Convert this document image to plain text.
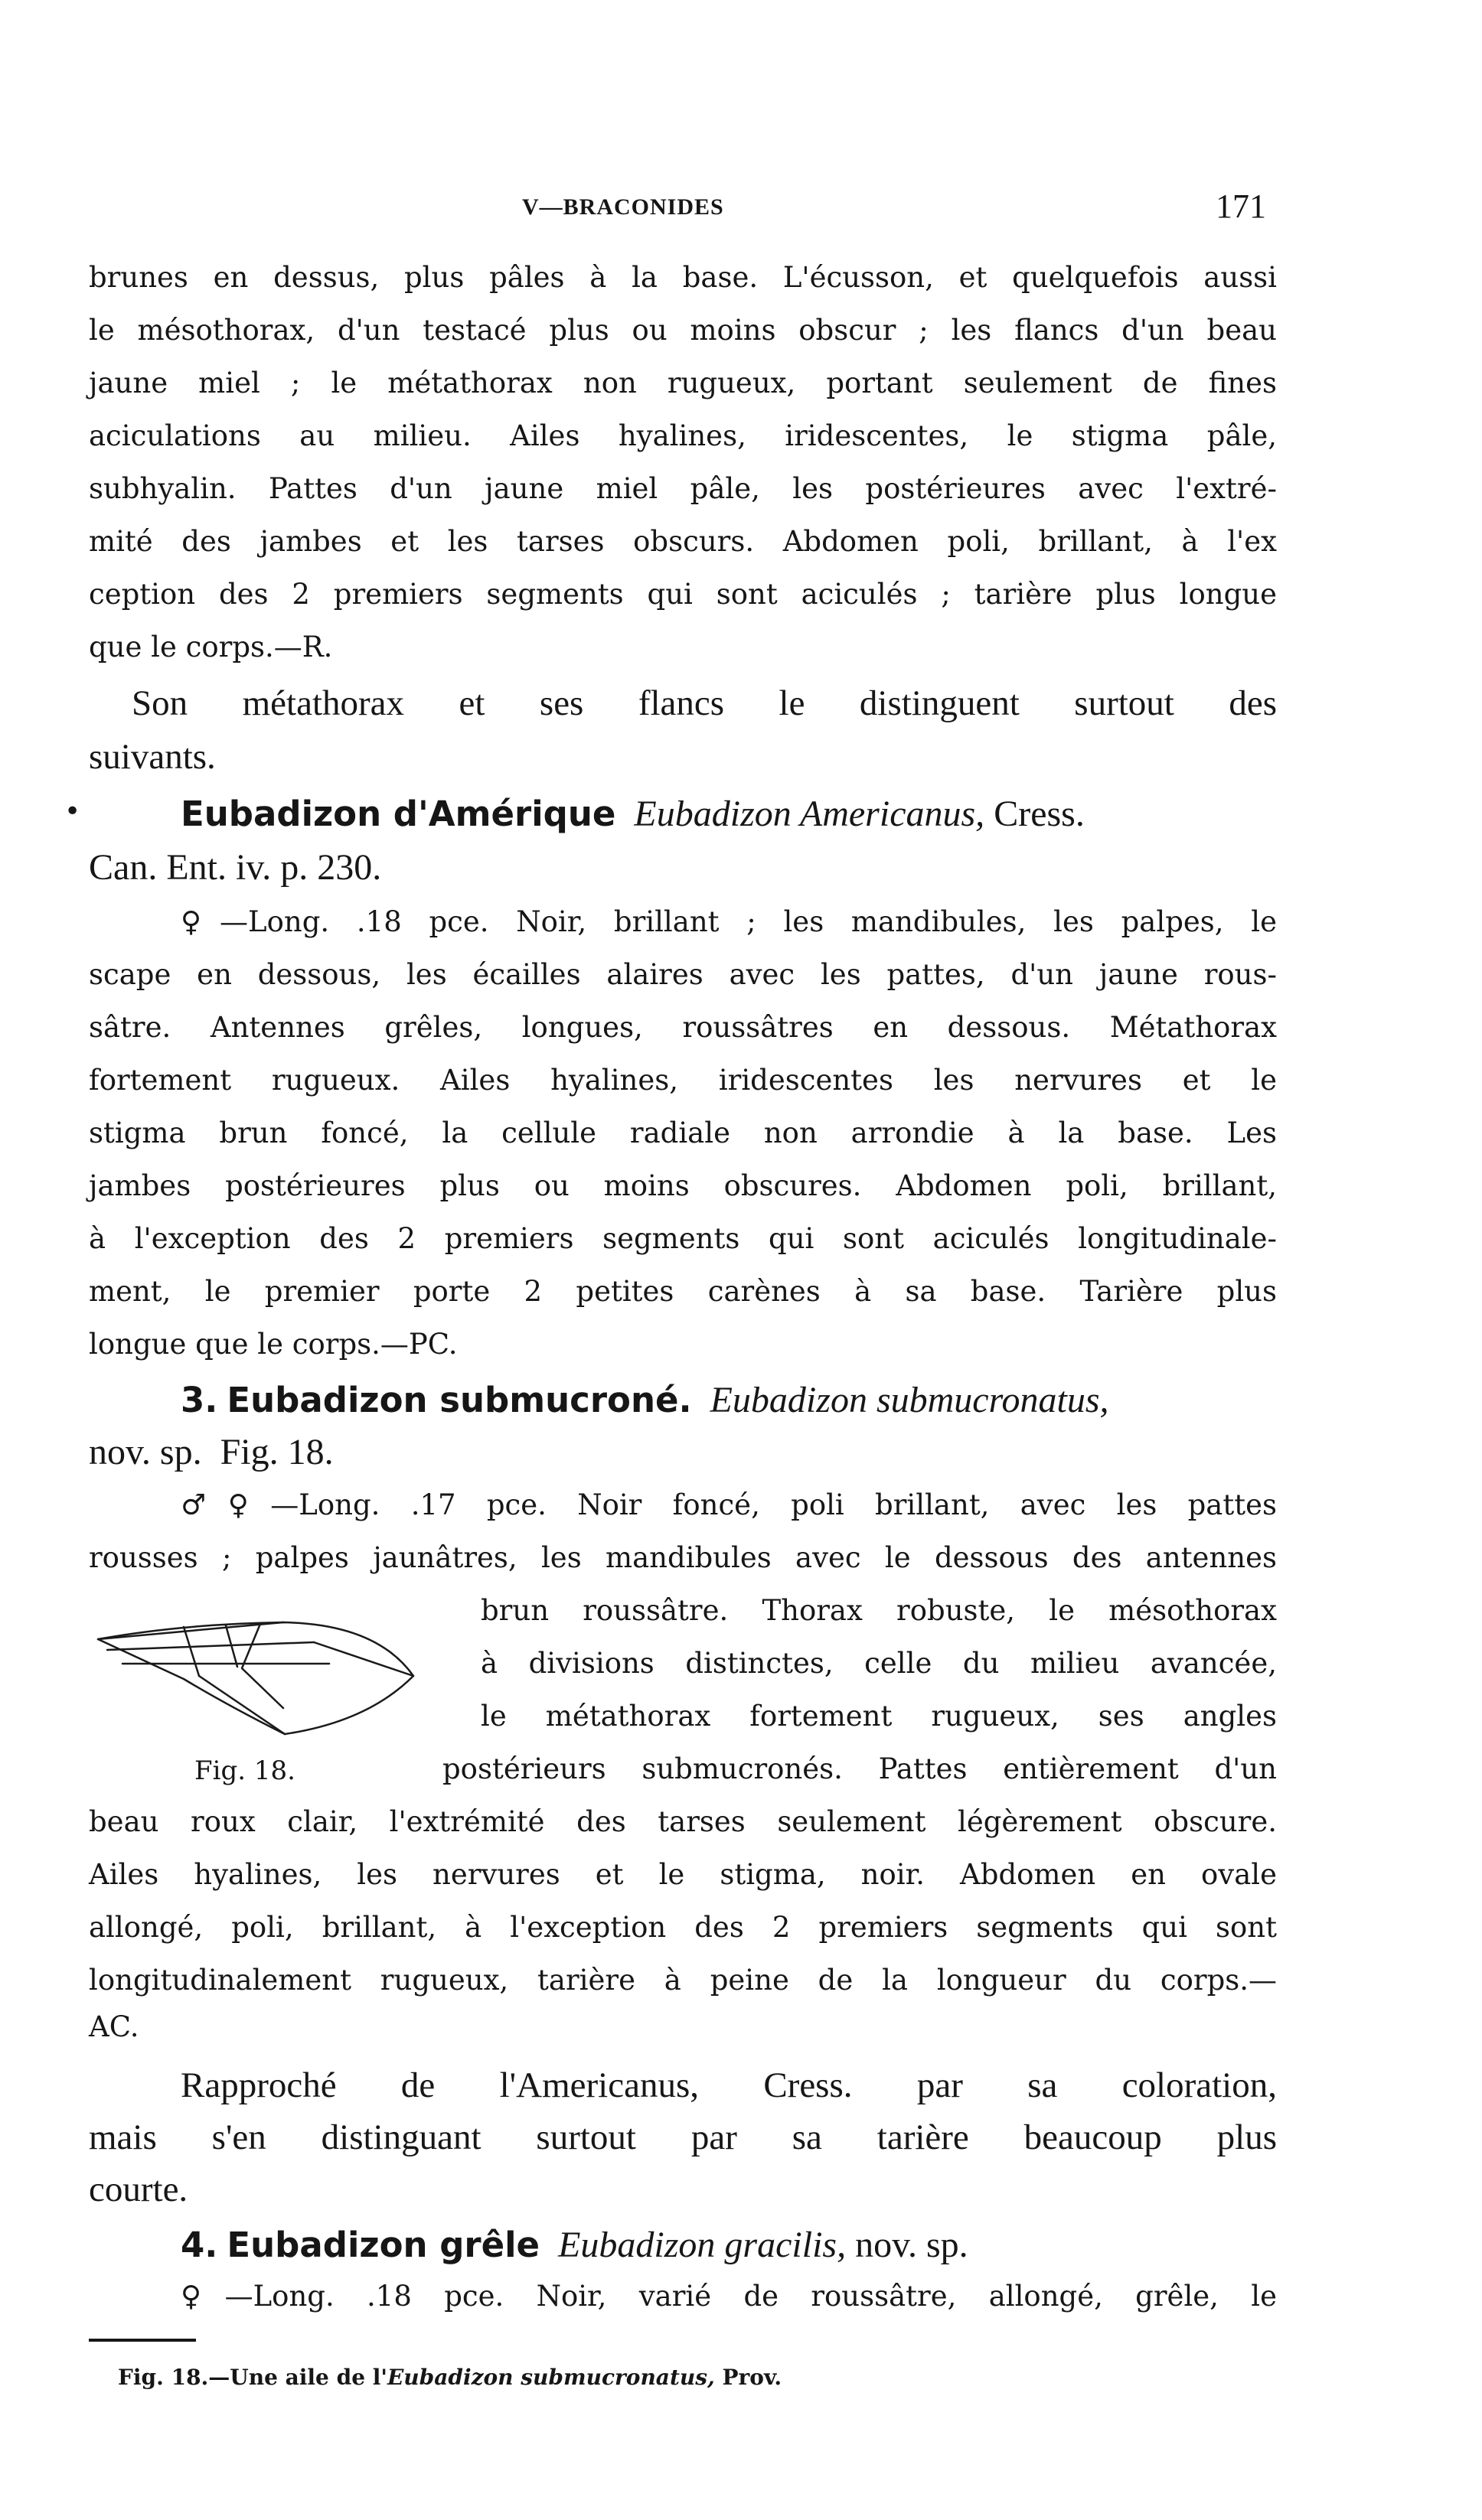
V—BRACONIDES	171
brunes en dessus, plus pâles à la base. L'écusson, et quelquefois aussi
le mésothorax, d'un testacé plus ou moins obscur ; les flancs d'un beau
jaune miel ; le métathorax non rugueux, portant seulement de fines
aciculations au milieu. Ailes hyalines, iridescentes, le stigma pâle,
subhyalin. Pattes d'un jaune miel pâle, les postérieures avec l'extré-
mité des jambes et les tarses obscurs. Abdomen poli, brillant, à l'ex
ception des 2 premiers segments qui sont aciculés ; tarière plus longue
que le corps.—R.
Son métathorax et ses flancs le distinguent surtout des
suivants.
•	Eubadizon d'Amérique Eubadizon Americanus, Cress.
Can. Ent. iv. p. 230.
♀—Long. .18 pce. Noir, brillant ; les mandibules, les palpes, le
scape en dessous, les écailles alaires avec les pattes, d'un jaune rous-
sâtre. Antennes grêles, longues, roussâtres en dessous. Métathorax
fortement rugueux. Ailes hyalines, iridescentes les nervures et le
stigma brun foncé, la cellule radiale non arrondie à la base. Les
jambes postérieures plus ou moins obscures. Abdomen poli, brillant,
à l'exception des 2 premiers segments qui sont aciculés longitudinale-
ment, le premier porte 2 petites carènes à sa base. Tarière plus
longue que le corps.—PC.
3. Eubadizon submucroné. Eubadizon submucronatus,
nov. sp. Fig. 18.
♂♀—Long. .17 pce. Noir foncé, poli brillant, avec les pattes
rousses ; palpes jaunâtres, les mandibules avec le dessous des antennes
brun roussâtre. Thorax robuste, le mésothorax
à divisions distinctes, celle du milieu avancée,
le métathorax fortement rugueux, ses angles
Fig. 18.	postérieurs submucronés. Pattes entièrement d'un
beau roux clair, l'extrémité des tarses seulement légèrement obscure.
Ailes hyalines, les nervures et le stigma, noir. Abdomen en ovale
allongé, poli, brillant, à l'exception des 2 premiers segments qui sont
longitudinalement rugueux, tarière à peine de la longueur du corps.—
AC.
Rapproché de l'Americanus, Cress. par sa coloration,
mais s'en distinguant surtout par sa tarière beaucoup plus
courte.
4. Eubadizon grêle Eubadizon gracilis, nov. sp.
♀—Long. .18 pce. Noir, varié de roussâtre, allongé, grêle, le
Fig. 18.—Une aile de l'Eubadizon submucronatus, Prov.
